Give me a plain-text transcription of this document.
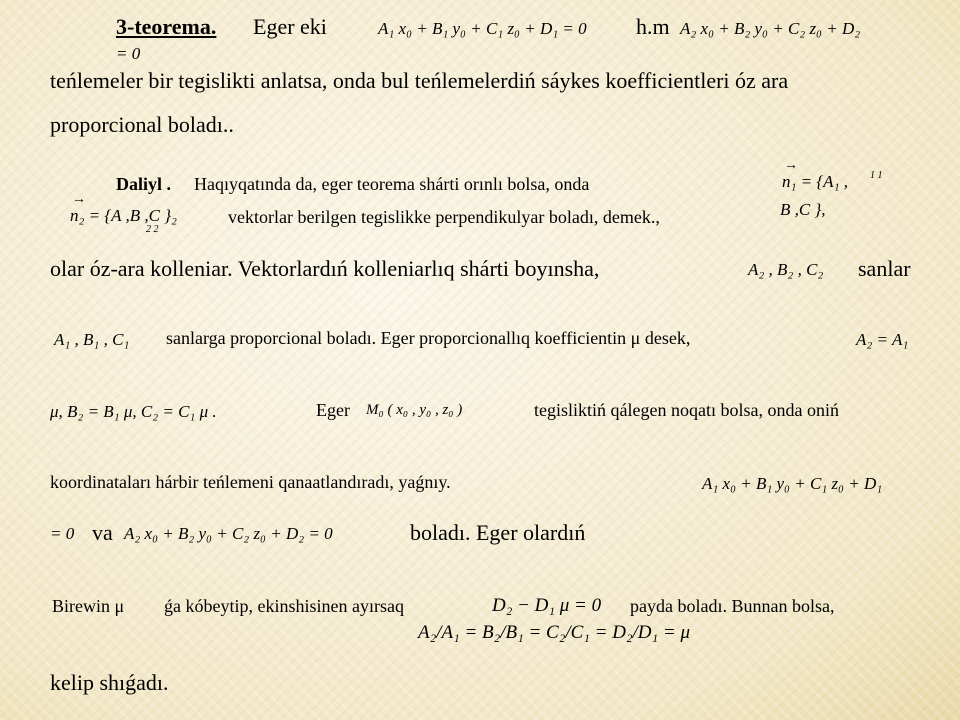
3-teorema. Eger eki	A₁ x₀ + B₁ y₀ + C₁ z₀ + D₁ = 0 h.m A₂ x₀ + B₂ y₀ + C₂ z₀ + D₂
= 0
teńlemeler bir tegislikti anlatsa, onda bul teńlemelerdiń sáykes koefficientleri óz ara
proporcional boladı..
Daliyl . Haqıyqatında da, eger teorema shárti orınlı bolsa, onda
→
n₁ = {A₁ , 1 1
B ,C },
→
n₂ = {A ,B ,C }₂
2 2
vektorlar berilgen tegislikke perpendikulyar boladı, demek.,
olar óz-ara kolleniar. Vektorlardıń kolleniarlıq shárti boyınsha,	A₂ , B₂ , C₂ sanlar
A₁ , B₁ , C₁ sanlarga proporcional boladı. Eger proporcionallıq koefficientin μ desek,	A₂ = A₁
μ, B₂ = B₁ μ, C₂ = C₁ μ .	Eger M₀ ( x₀ , y₀ , z₀ )	tegisliktiń qálegen noqatı bolsa, onda oniń
koordinataları hárbir teńlemeni qanaatlandıradı, yaǵnıy.	A₁ x₀ + B₁ y₀ + C₁ z₀ + D₁
= 0 va A₂ x₀ + B₂ y₀ + C₂ z₀ + D₂ = 0	boladı. Eger olardıń
Birewin μ ǵa kóbeytip, ekinshisinen ayırsaq	D₂ − D₁ μ = 0 payda boladı. Bunnan bolsa,
A₂/A₁ = B₂/B₁ = C₂/C₁ = D₂/D₁ = μ
kelip shıǵadı.
